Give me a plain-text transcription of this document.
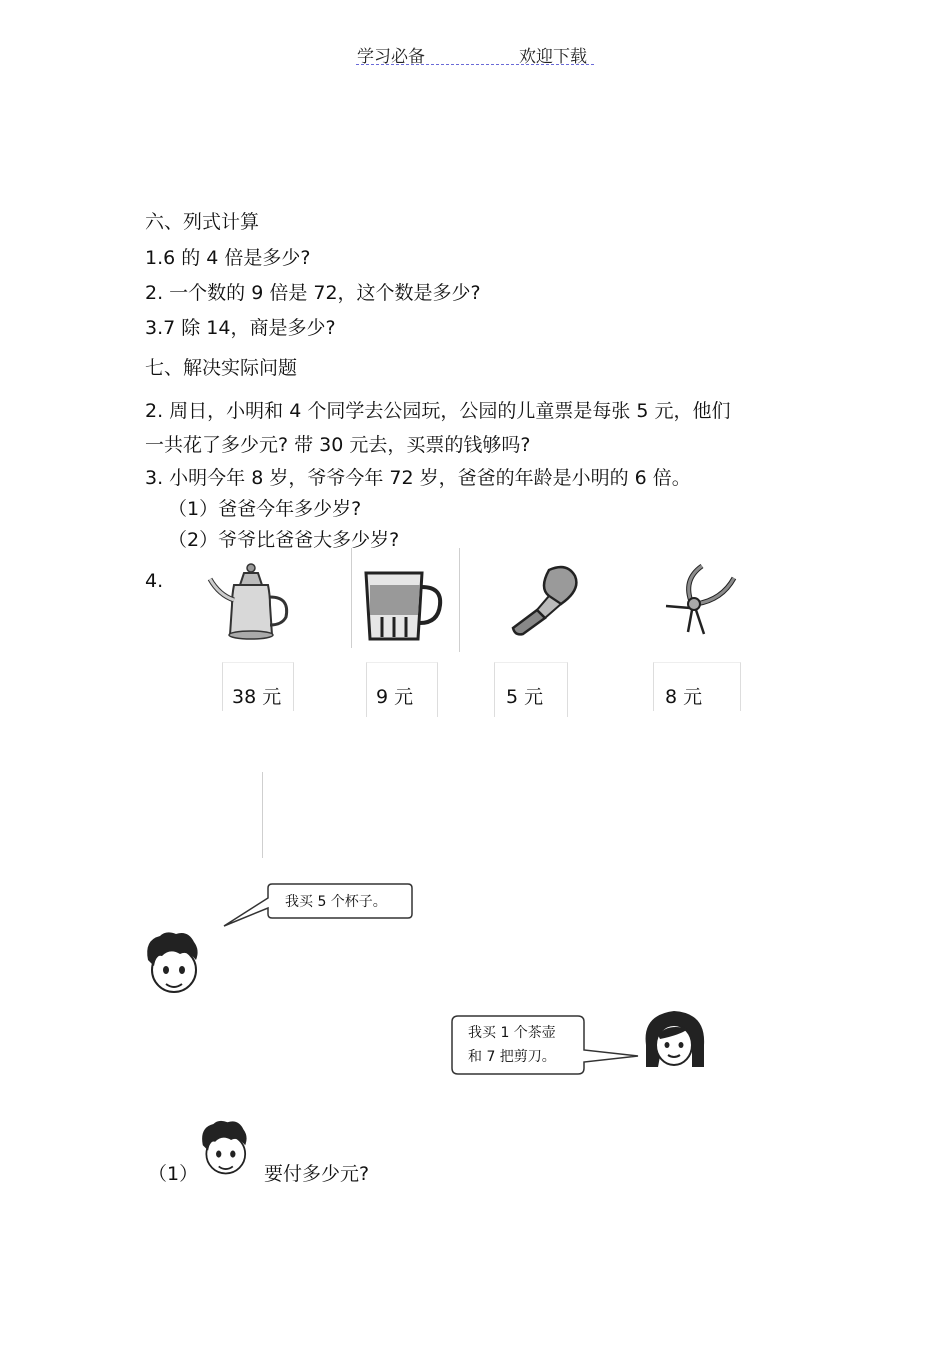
学习必备	欢迎下载
六、列式计算
1.6 的 4 倍是多少?
2. 一个数的 9 倍是 72，这个数是多少?
3.7 除 14，商是多少?
七、解决实际问题
2. 周日，小明和 4 个同学去公园玩，公园的儿童票是每张 5 元，他们
一共花了多少元? 带 30 元去，买票的钱够吗?
3. 小明今年 8 岁，爷爷今年 72 岁，爸爸的年龄是小明的 6 倍。
（1）爸爸今年多少岁?
（2）爷爷比爸爸大多少岁?
4.
38 元	9 元	5 元	8 元
我买 5 个杯子。
我买 1 个茶壶
和 7 把剪刀。
（1）	要付多少元?
